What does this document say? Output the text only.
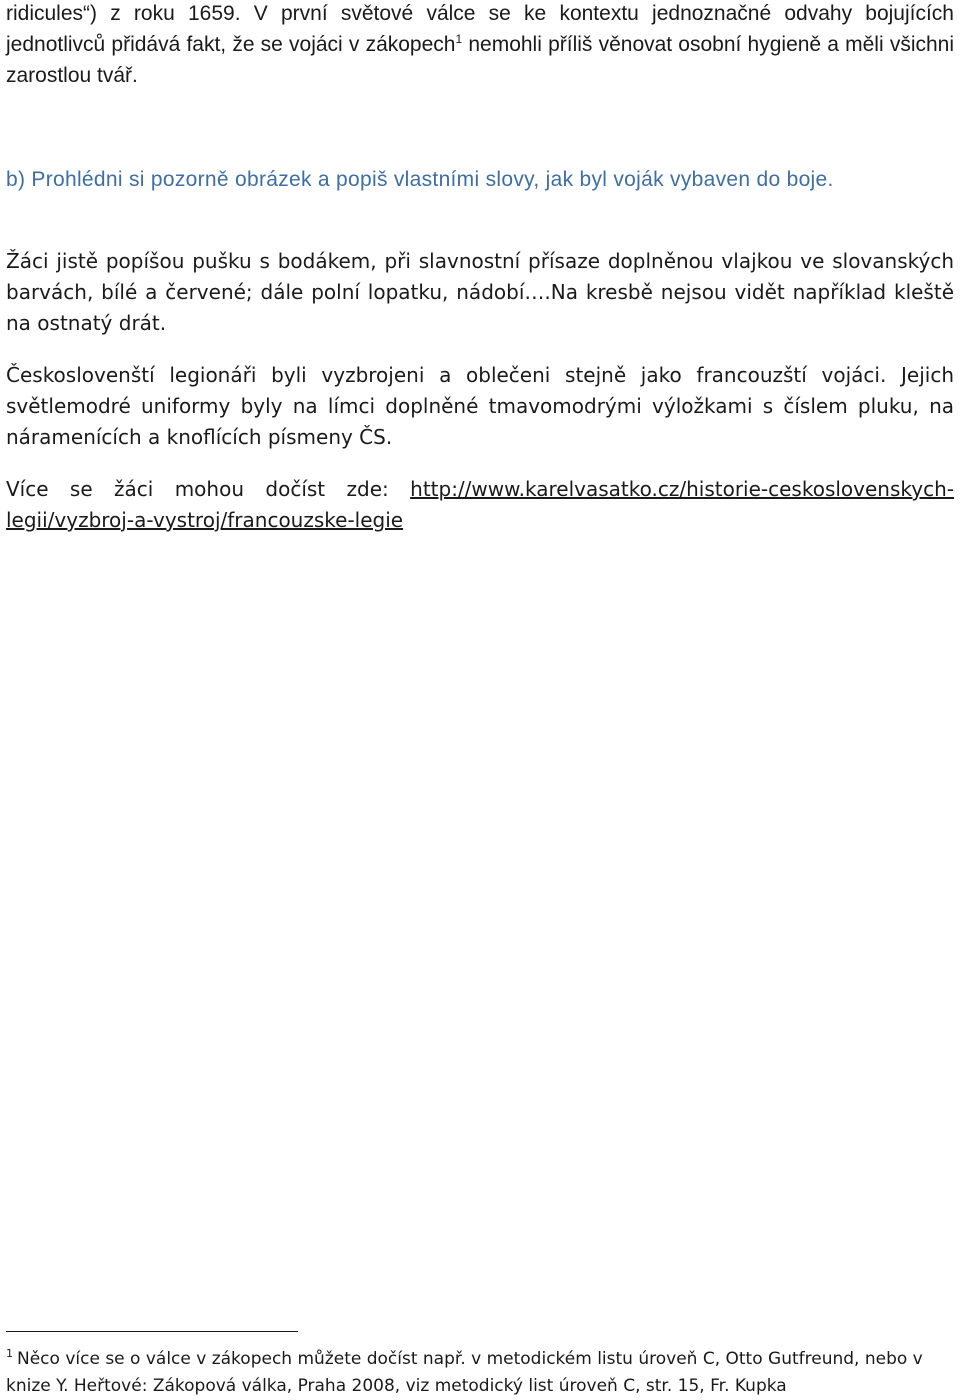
ridicules“) z roku 1659. V první světové válce se ke kontextu jednoznačné odvahy bojujících jednotlivců přidává fakt, že se vojáci v zákopech$^1$ nemohli příliš věnovat osobní hygieně a měli všichni zarostlou tvář.

b) Prohlédni si pozorně obrázek a popiš vlastními slovy, jak byl voják vybaven do boje.

Žáci jistě popíšou pušku s bodákem, při slavnostní přísaze doplněnou vlajkou ve slovanských barvách, bílé a červené; dále polní lopatku, nádobí….Na kresbě nejsou vidět například kleště na ostnatý drát.

Českoslovenští legionáři byli vyzbrojeni a oblečeni stejně jako francouzští vojáci. Jejich světlemodré uniformy byly na límci doplněné tmavomodrými výložkami s číslem pluku, na náramenících a knoflících písmeny ČS.

Více se žáci mohou dočíst zde: http://www.karelvasatko.cz/historie-ceskoslovenskych-legii/vyzbroj-a-vystroj/francouzske-legie

$^1$ Něco více se o válce v zákopech můžete dočíst např. v metodickém listu úroveň C, Otto Gutfreund, nebo v knize Y. Heřtové: Zákopová válka, Praha 2008, viz metodický list úroveň C, str. 15, Fr. Kupka
